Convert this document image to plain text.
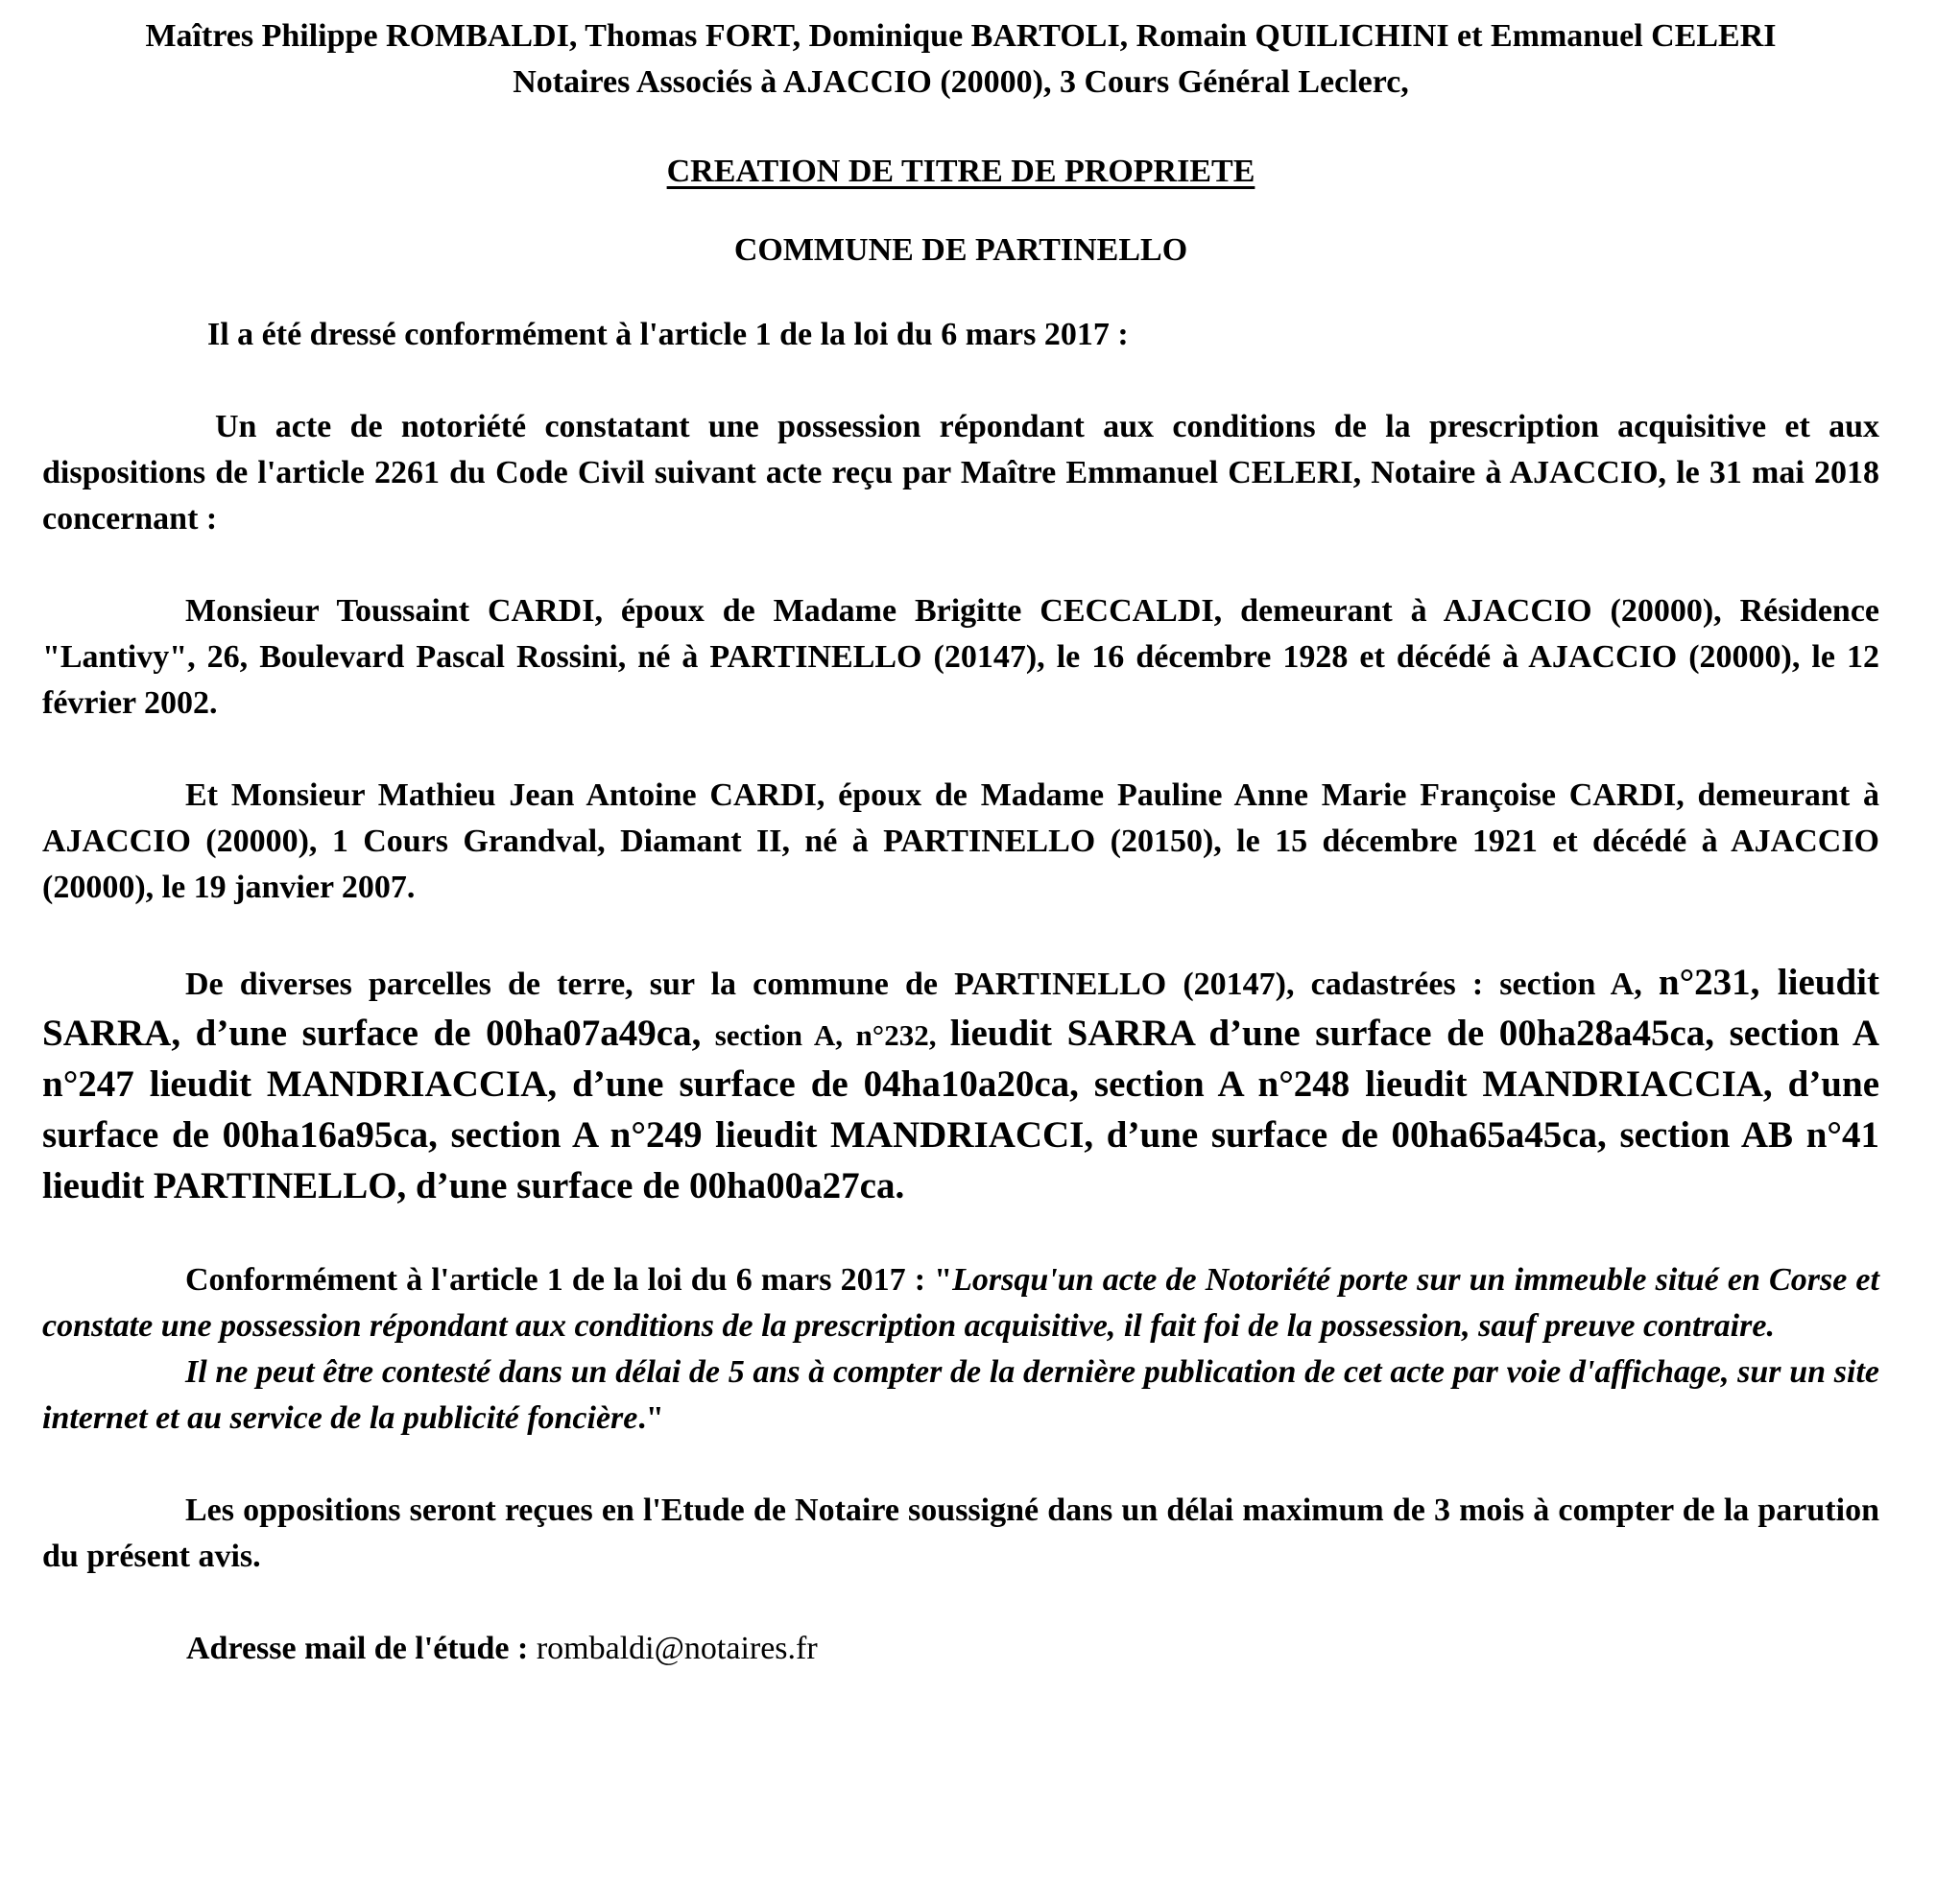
Maîtres Philippe ROMBALDI, Thomas FORT, Dominique BARTOLI, Romain QUILICHINI et Emmanuel CELERI
Notaires Associés à AJACCIO (20000), 3 Cours Général Leclerc,
CREATION DE TITRE DE PROPRIETE
COMMUNE DE PARTINELLO
Il a été dressé conformément à l'article 1 de la loi du 6 mars 2017 :

Un acte de notoriété constatant une possession répondant aux conditions de la prescription acquisitive et aux dispositions de l'article 2261 du Code Civil suivant acte reçu par Maître Emmanuel CELERI, Notaire à AJACCIO, le 31 mai 2018 concernant :

Monsieur Toussaint CARDI, époux de Madame Brigitte CECCALDI, demeurant à AJACCIO (20000), Résidence "Lantivy", 26, Boulevard Pascal Rossini, né à PARTINELLO (20147), le 16 décembre 1928 et décédé à AJACCIO (20000), le 12 février 2002.

Et Monsieur Mathieu Jean Antoine CARDI, époux de Madame Pauline Anne Marie Françoise CARDI, demeurant à AJACCIO (20000), 1 Cours Grandval, Diamant II, né à PARTINELLO (20150), le 15 décembre 1921 et décédé à AJACCIO (20000), le 19 janvier 2007.

De diverses parcelles de terre, sur la commune de PARTINELLO (20147), cadastrées : section A, n°231, lieudit SARRA, d’une surface de 00ha07a49ca, section A, n°232, lieudit SARRA d’une surface de 00ha28a45ca, section A n°247 lieudit MANDRIACCIA, d’une surface de 04ha10a20ca, section A n°248 lieudit MANDRIACCIA, d’une surface de 00ha16a95ca, section A n°249 lieudit MANDRIACCI, d’une surface de 00ha65a45ca, section AB n°41 lieudit PARTINELLO, d’une surface de 00ha00a27ca.

Conformément à l'article 1 de la loi du 6 mars 2017 : "Lorsqu'un acte de Notoriété porte sur un immeuble situé en Corse et constate une possession répondant aux conditions de la prescription acquisitive, il fait foi de la possession, sauf preuve contraire.
Il ne peut être contesté dans un délai de 5 ans à compter de la dernière publication de cet acte par voie d'affichage, sur un site internet et au service de la publicité foncière."

Les oppositions seront reçues en l'Etude de Notaire soussigné dans un délai maximum de 3 mois à compter de la parution du présent avis.

Adresse mail de l'étude : rombaldi@notaires.fr
